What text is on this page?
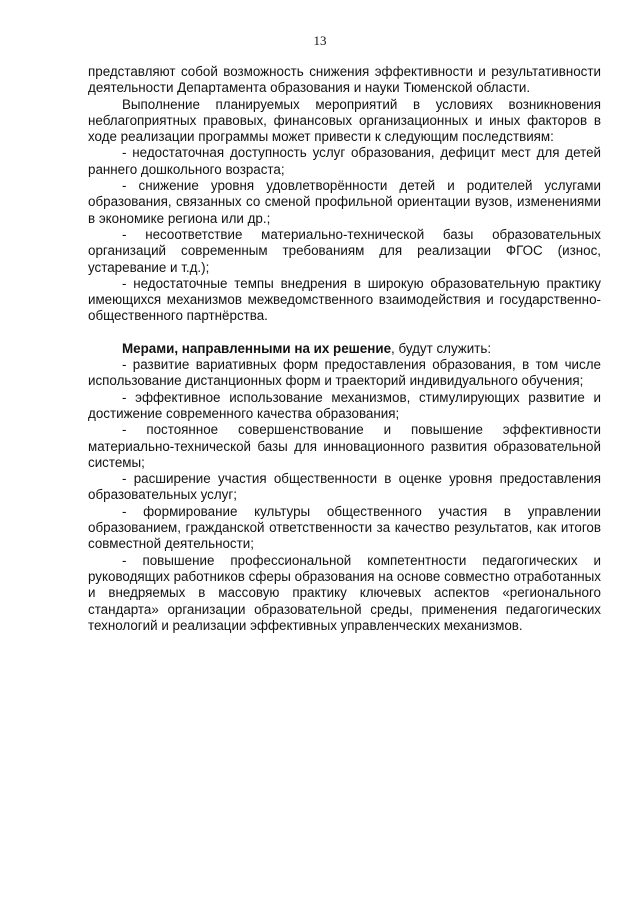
13

представляют собой возможность снижения эффективности и результативности деятельности Департамента образования и науки Тюменской области.

Выполнение планируемых мероприятий в условиях возникновения неблагоприятных правовых, финансовых организационных и иных факторов в ходе реализации программы может привести к следующим последствиям:

- недостаточная доступность услуг образования, дефицит мест для детей раннего дошкольного возраста;

- снижение уровня удовлетворённости детей и родителей услугами образования, связанных со сменой профильной ориентации вузов, изменениями в экономике региона или др.;

- несоответствие материально-технической базы образовательных организаций современным требованиям для реализации ФГОС (износ, устаревание и т.д.);

- недостаточные темпы внедрения в широкую образовательную практику имеющихся механизмов межведомственного взаимодействия и государственно-общественного партнёрства.

Мерами, направленными на их решение, будут служить:

- развитие вариативных форм предоставления образования, в том числе использование дистанционных форм и траекторий индивидуального обучения;

- эффективное использование механизмов, стимулирующих развитие и достижение современного качества образования;

- постоянное совершенствование и повышение эффективности материально-технической базы для инновационного развития образовательной системы;

- расширение участия общественности в оценке уровня предоставления образовательных услуг;

- формирование культуры общественного участия в управлении образованием, гражданской ответственности за качество результатов, как итогов совместной деятельности;

- повышение профессиональной компетентности педагогических и руководящих работников сферы образования на основе совместно отработанных и внедряемых в массовую практику ключевых аспектов «регионального стандарта» организации образовательной среды, применения педагогических технологий и реализации эффективных управленческих механизмов.
